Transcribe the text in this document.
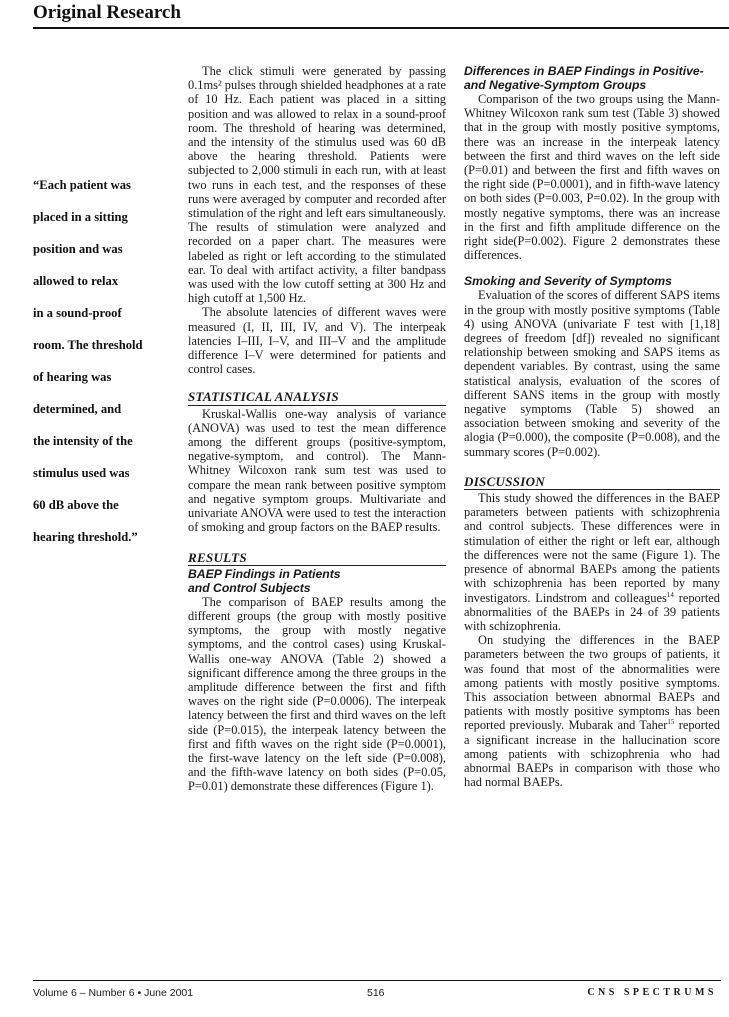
Original Research
“Each patient was
placed in a sitting
position and was
allowed to relax
in a sound-proof
room. The threshold
of hearing was
determined, and
the intensity of the
stimulus used was
60 dB above the
hearing threshold.”

The click stimuli were generated by passing 0.1ms² pulses through shielded headphones at a rate of 10 Hz. Each patient was placed in a sitting position and was allowed to relax in a sound-proof room. The threshold of hearing was determined, and the intensity of the stimulus used was 60 dB above the hearing threshold. Patients were subjected to 2,000 stimuli in each run, with at least two runs in each test, and the responses of these runs were averaged by computer and recorded after stimulation of the right and left ears simultaneously. The results of stimulation were analyzed and recorded on a paper chart. The measures were labeled as right or left according to the stimulated ear. To deal with artifact activity, a filter bandpass was used with the low cutoff setting at 300 Hz and high cutoff at 1,500 Hz.

The absolute latencies of different waves were measured (I, II, III, IV, and V). The interpeak latencies I–III, I–V, and III–V and the amplitude difference I–V were determined for patients and control cases.

STATISTICAL ANALYSIS

Kruskal-Wallis one-way analysis of variance (ANOVA) was used to test the mean difference among the different groups (positive-symptom, negative-symptom, and control). The Mann-Whitney Wilcoxon rank sum test was used to compare the mean rank between positive symptom and negative symptom groups. Multivariate and univariate ANOVA were used to test the interaction of smoking and group factors on the BAEP results.

RESULTS
BAEP Findings in Patients
and Control Subjects

The comparison of BAEP results among the different groups (the group with mostly positive symptoms, the group with mostly negative symptoms, and the control cases) using Kruskal-Wallis one-way ANOVA (Table 2) showed a significant difference among the three groups in the amplitude difference between the first and fifth waves on the right side (P=0.0006). The interpeak latency between the first and third waves on the left side (P=0.015), the interpeak latency between the first and fifth waves on the right side (P=0.0001), the first-wave latency on the left side (P=0.008), and the fifth-wave latency on both sides (P=0.05, P=0.01) demonstrate these differences (Figure 1).

Differences in BAEP Findings in Positive-
and Negative-Symptom Groups

Comparison of the two groups using the Mann-Whitney Wilcoxon rank sum test (Table 3) showed that in the group with mostly positive symptoms, there was an increase in the interpeak latency between the first and third waves on the left side (P=0.01) and between the first and fifth waves on the right side (P=0.0001), and in fifth-wave latency on both sides (P=0.003, P=0.02). In the group with mostly negative symptoms, there was an increase in the first and fifth amplitude difference on the right side(P=0.002). Figure 2 demonstrates these differences.

Smoking and Severity of Symptoms

Evaluation of the scores of different SAPS items in the group with mostly positive symptoms (Table 4) using ANOVA (univariate F test with [1,18] degrees of freedom [df]) revealed no significant relationship between smoking and SAPS items as dependent variables. By contrast, using the same statistical analysis, evaluation of the scores of different SANS items in the group with mostly negative symptoms (Table 5) showed an association between smoking and severity of the alogia (P=0.000), the composite (P=0.008), and the summary scores (P=0.002).

DISCUSSION

This study showed the differences in the BAEP parameters between patients with schizophrenia and control subjects. These differences were in stimulation of either the right or left ear, although the differences were not the same (Figure 1). The presence of abnormal BAEPs among the patients with schizophrenia has been reported by many investigators. Lindstrom and colleagues$^{14}$ reported abnormalities of the BAEPs in 24 of 39 patients with schizophrenia.

On studying the differences in the BAEP parameters between the two groups of patients, it was found that most of the abnormalities were among patients with mostly positive symptoms. This association between abnormal BAEPs and patients with mostly positive symptoms has been reported previously. Mubarak and Taher$^{15}$ reported a significant increase in the hallucination score among patients with schizophrenia who had abnormal BAEPs in comparison with those who had normal BAEPs.

Volume 6 – Number 6 • June 2001	516	CNS SPECTRUMS
